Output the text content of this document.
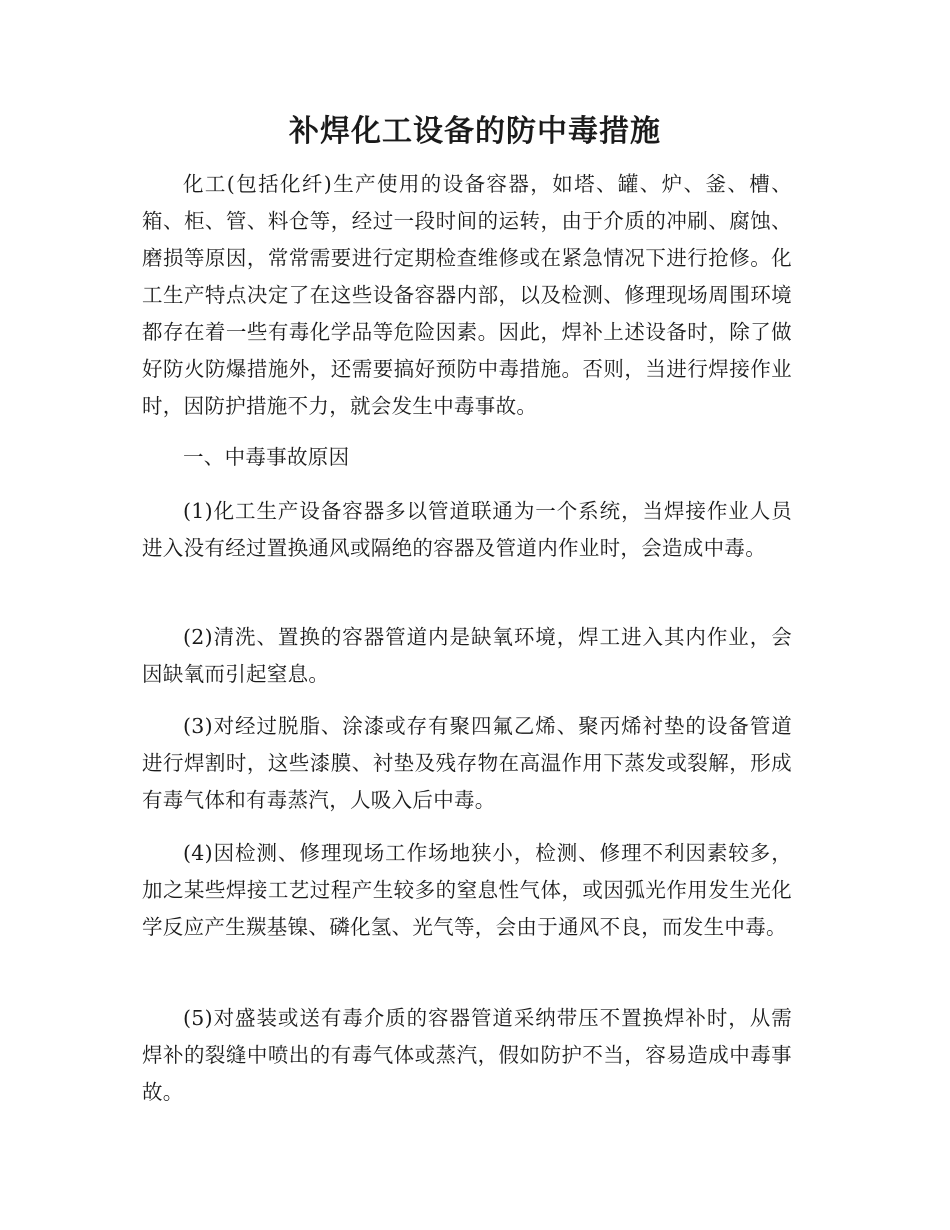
补焊化工设备的防中毒措施

化工(包括化纤)生产使用的设备容器，如塔、罐、炉、釜、槽、箱、柜、管、料仓等，经过一段时间的运转，由于介质的冲刷、腐蚀、磨损等原因，常常需要进行定期检查维修或在紧急情况下进行抢修。化工生产特点决定了在这些设备容器内部，以及检测、修理现场周围环境都存在着一些有毒化学品等危险因素。因此，焊补上述设备时，除了做好防火防爆措施外，还需要搞好预防中毒措施。否则，当进行焊接作业时，因防护措施不力，就会发生中毒事故。

一、中毒事故原因

(1)化工生产设备容器多以管道联通为一个系统，当焊接作业人员进入没有经过置换通风或隔绝的容器及管道内作业时，会造成中毒。

(2)清洗、置换的容器管道内是缺氧环境，焊工进入其内作业，会因缺氧而引起窒息。

(3)对经过脱脂、涂漆或存有聚四氟乙烯、聚丙烯衬垫的设备管道进行焊割时，这些漆膜、衬垫及残存物在高温作用下蒸发或裂解，形成有毒气体和有毒蒸汽，人吸入后中毒。

(4)因检测、修理现场工作场地狭小，检测、修理不利因素较多，加之某些焊接工艺过程产生较多的窒息性气体，或因弧光作用发生光化学反应产生羰基镍、磷化氢、光气等，会由于通风不良，而发生中毒。

(5)对盛装或送有毒介质的容器管道采纳带压不置换焊补时，从需焊补的裂缝中喷出的有毒气体或蒸汽，假如防护不当，容易造成中毒事故。
